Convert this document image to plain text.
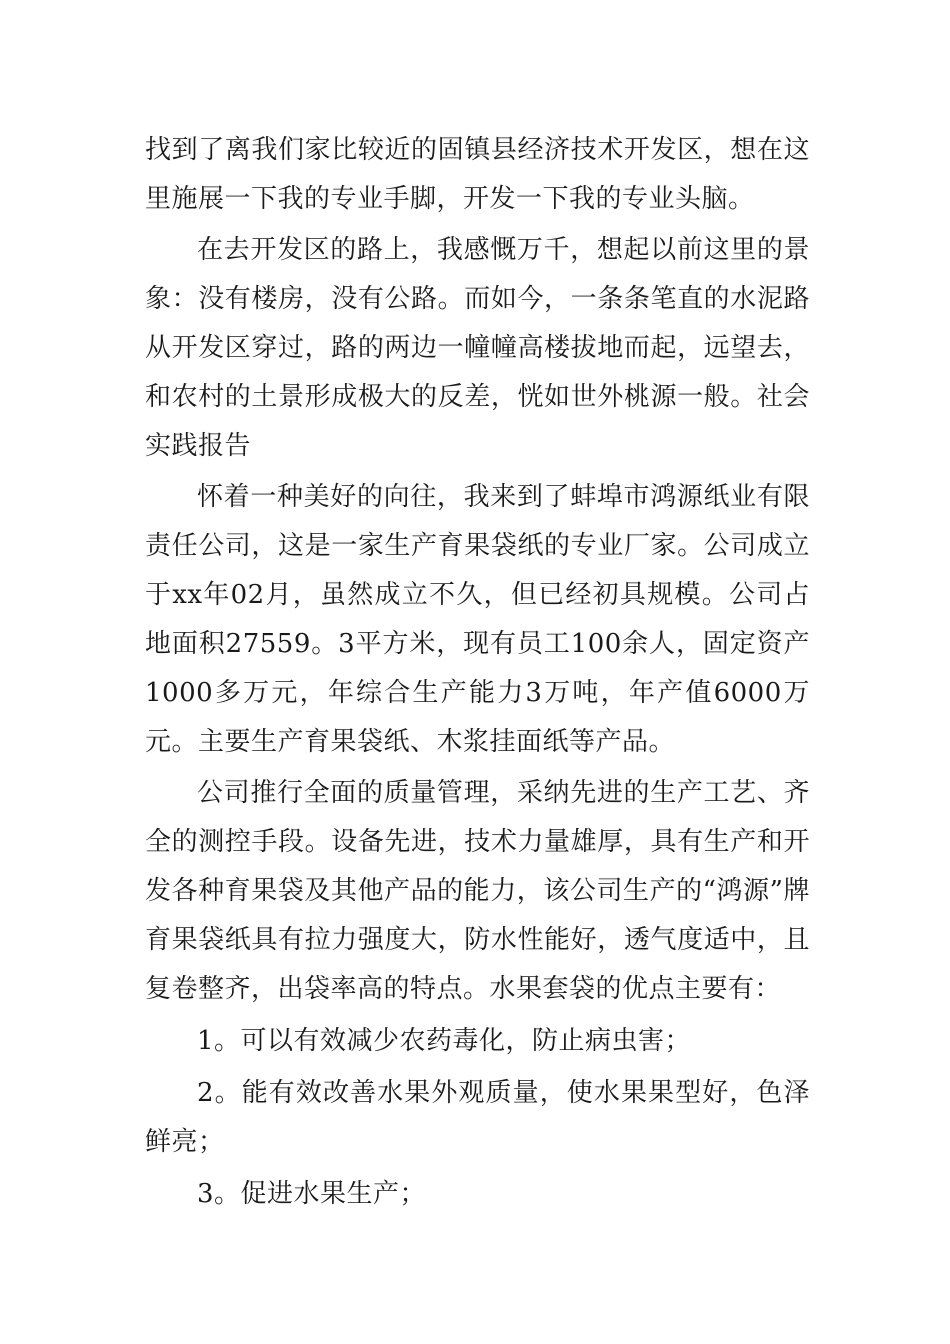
找到了离我们家比较近的固镇县经济技术开发区，想在这里施展一下我的专业手脚，开发一下我的专业头脑。

在去开发区的路上，我感慨万千，想起以前这里的景象：没有楼房，没有公路。而如今，一条条笔直的水泥路从开发区穿过，路的两边一幢幢高楼拔地而起，远望去，和农村的土景形成极大的反差，恍如世外桃源一般。社会实践报告

怀着一种美好的向往，我来到了蚌埠市鸿源纸业有限责任公司，这是一家生产育果袋纸的专业厂家。公司成立于xx年02月，虽然成立不久，但已经初具规模。公司占地面积27559。3平方米，现有员工100余人，固定资产1000多万元，年综合生产能力3万吨，年产值6000万元。主要生产育果袋纸、木浆挂面纸等产品。

公司推行全面的质量管理，采纳先进的生产工艺、齐全的测控手段。设备先进，技术力量雄厚，具有生产和开发各种育果袋及其他产品的能力，该公司生产的“鸿源”牌育果袋纸具有拉力强度大，防水性能好，透气度适中，且复卷整齐，出袋率高的特点。水果套袋的优点主要有：

1。可以有效减少农药毒化，防止病虫害；

2。能有效改善水果外观质量，使水果果型好，色泽鲜亮；

3。促进水果生产；
